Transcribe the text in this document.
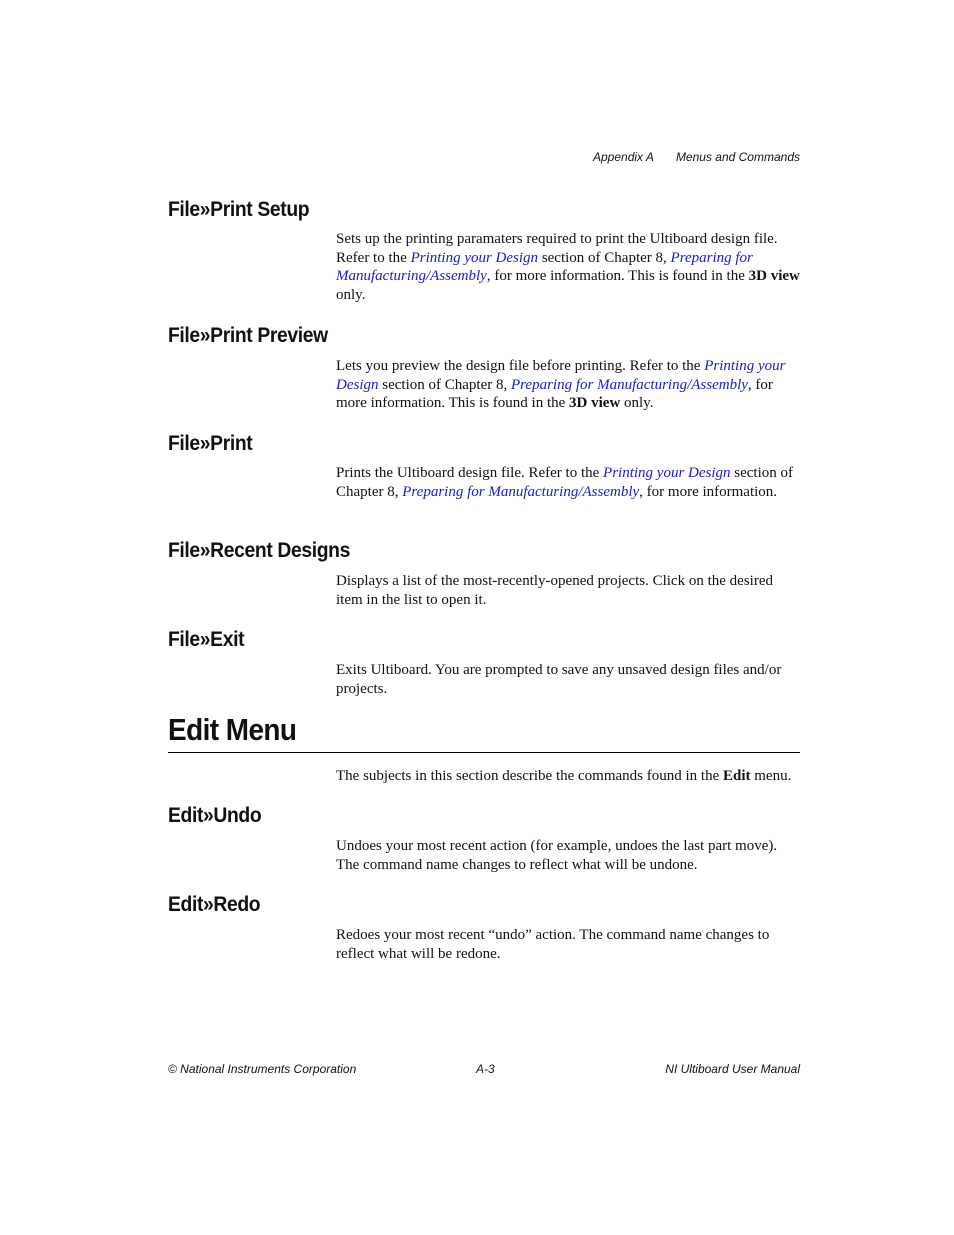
Appendix A Menus and Commands
File»Print Setup

Sets up the printing paramaters required to print the Ultiboard design file. Refer to the Printing your Design section of Chapter 8, Preparing for Manufacturing/Assembly, for more information. This is found in the 3D view only.

File»Print Preview

Lets you preview the design file before printing. Refer to the Printing your Design section of Chapter 8, Preparing for Manufacturing/Assembly, for more information. This is found in the 3D view only.

File»Print

Prints the Ultiboard design file. Refer to the Printing your Design section of Chapter 8, Preparing for Manufacturing/Assembly, for more information.

File»Recent Designs

Displays a list of the most-recently-opened projects. Click on the desired item in the list to open it.

File»Exit

Exits Ultiboard. You are prompted to save any unsaved design files and/or projects.

Edit Menu

The subjects in this section describe the commands found in the Edit menu.

Edit»Undo

Undoes your most recent action (for example, undoes the last part move). The command name changes to reflect what will be undone.

Edit»Redo

Redoes your most recent “undo” action. The command name changes to reflect what will be redone.

© National Instruments Corporation	A-3	NI Ultiboard User Manual
